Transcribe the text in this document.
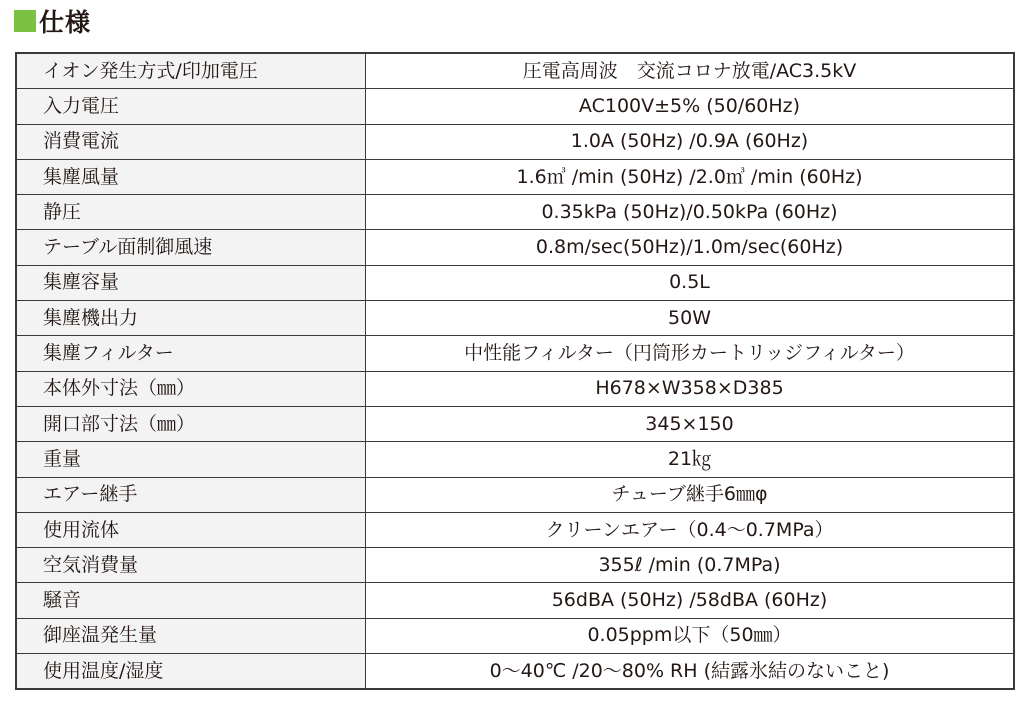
仕様
イオン発生方式/印加電圧	圧電高周波　交流コロナ放電/AC3.5kV
入力電圧	AC100V±5% (50/60Hz)
消費電流	1.0A (50Hz) /0.9A (60Hz)
集塵風量	1.6㎥ /min (50Hz) /2.0㎥ /min (60Hz)
静圧	0.35kPa (50Hz)/0.50kPa (60Hz)
テーブル面制御風速	0.8m/sec(50Hz)/1.0m/sec(60Hz)
集塵容量	0.5L
集塵機出力	50W
集塵フィルター	中性能フィルター（円筒形カートリッジフィルター）
本体外寸法（㎜）	H678×W358×D385
開口部寸法（㎜）	345×150
重量	21㎏
エアー継手	チューブ継手6㎜φ
使用流体	クリーンエアー（0.4～0.7MPa）
空気消費量	355ℓ /min (0.7MPa)
騒音	56dBA (50Hz) /58dBA (60Hz)
御座温発生量	0.05ppm以下（50㎜）
使用温度/湿度	0～40℃ /20～80% RH (結露氷結のないこと)
